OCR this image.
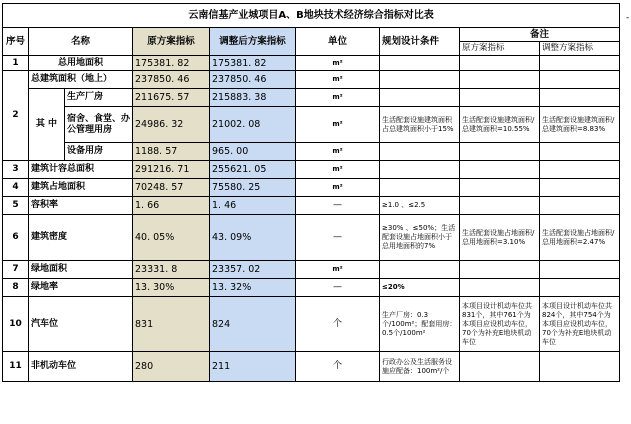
云南信基产业城项目A、B地块技术经济综合指标对比表								
序号	名称		原方案指标	调整后方案指标	单位	规划设计条件	备注	
							原方案指标	调整方案指标
1	总用地面积		175381. 82	175381. 82	m²			
2	总建筑面积（地上）		237850. 46	237850. 46	m²			
	其 中	生产厂房	211675. 57	215883. 38	m²			
		宿舍、食堂、办公管理用房	24986. 32	21002. 08	m²	生活配套设施建筑面积占总建筑面积小于15%	生活配套设施建筑面积/总建筑面积=10.55%	生活配套设施建筑面积/总建筑面积=8.83%
		设备用房	1188. 57	965. 00	m²			
3	建筑计容总面积		291216. 71	255621. 05	m²			
4	建筑占地面积		70248. 57	75580. 25	m²			
5	容积率		1. 66	1. 46	—	≥1.0 、≤2.5		
6	建筑密度		40. 05%	43. 09%	—	≥30% 、≤50%；生活配套设施占地面积小于总用地面积的7%	生活配套设施占地面积/总用地面积=3.10%	生活配套设施占地面积/总用地面积=2.47%
7	绿地面积		23331. 8	23357. 02	m²			
8	绿地率		13. 30%	13. 32%	—	≤20%		
10	汽车位		831	824	个	生产厂房：0.3个/100m²；配套用房：0.5个/100m²	本项目设计机动车位共831个，其中761个为本项目应设机动车位，70个为补充E地块机动车位	本项目设计机动车位共824个，其中754个为本项目应设机动车位，70个为补充E地块机动车位
11	非机动车位		280	211	个	行政办公及生活服务设施应配备：100m²/个		
-
